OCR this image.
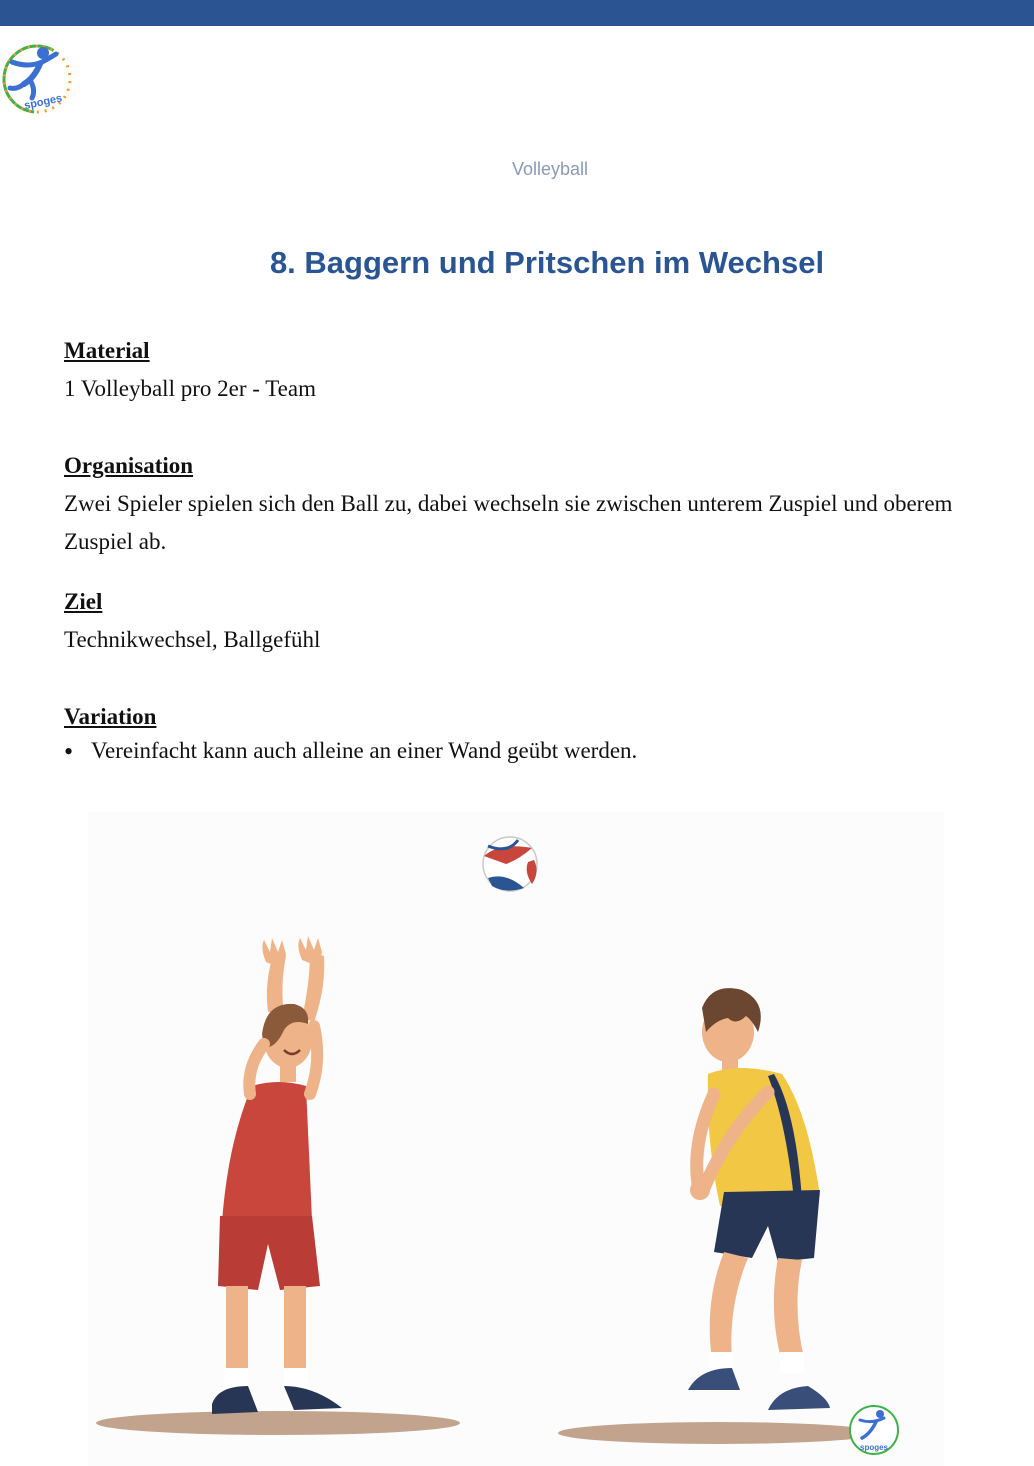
spoges
Volleyball
8. Baggern und Pritschen im Wechsel

Material

1 Volleyball pro 2er - Team

Organisation

Zwei Spieler spielen sich den Ball zu, dabei wechseln sie zwischen unterem Zuspiel und oberem Zuspiel ab.

Ziel

Technikwechsel, Ballgefühl

Variation

• Vereinfacht kann auch alleine an einer Wand geübt werden.
spoges
